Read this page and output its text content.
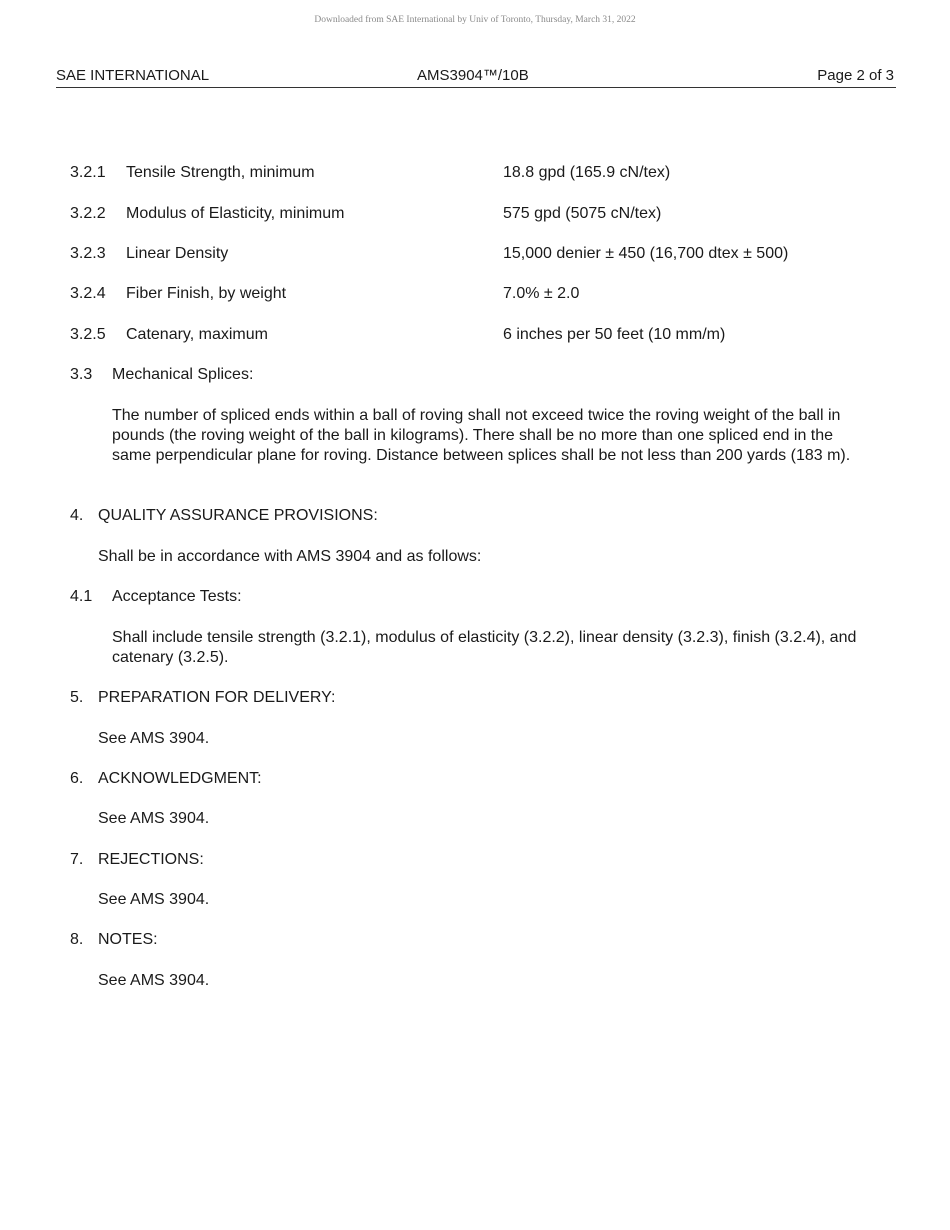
Downloaded from SAE International by Univ of Toronto, Thursday, March 31, 2022
SAE INTERNATIONAL	AMS3904™/10B	Page 2 of 3
3.2.1 Tensile Strength, minimum	18.8 gpd (165.9 cN/tex)
3.2.2 Modulus of Elasticity, minimum	575 gpd (5075 cN/tex)
3.2.3 Linear Density	15,000 denier ± 450 (16,700 dtex ± 500)
3.2.4 Fiber Finish, by weight	7.0% ± 2.0
3.2.5 Catenary, maximum	6 inches per 50 feet (10 mm/m)
3.3 Mechanical Splices:
The number of spliced ends within a ball of roving shall not exceed twice the roving weight of the ball in pounds (the roving weight of the ball in kilograms). There shall be no more than one spliced end in the same perpendicular plane for roving. Distance between splices shall be not less than 200 yards (183 m).
4. QUALITY ASSURANCE PROVISIONS:
Shall be in accordance with AMS 3904 and as follows:
4.1 Acceptance Tests:
Shall include tensile strength (3.2.1), modulus of elasticity (3.2.2), linear density (3.2.3), finish (3.2.4), and catenary (3.2.5).
5. PREPARATION FOR DELIVERY:
See AMS 3904.
6. ACKNOWLEDGMENT:
See AMS 3904.
7. REJECTIONS:
See AMS 3904.
8. NOTES:
See AMS 3904.
